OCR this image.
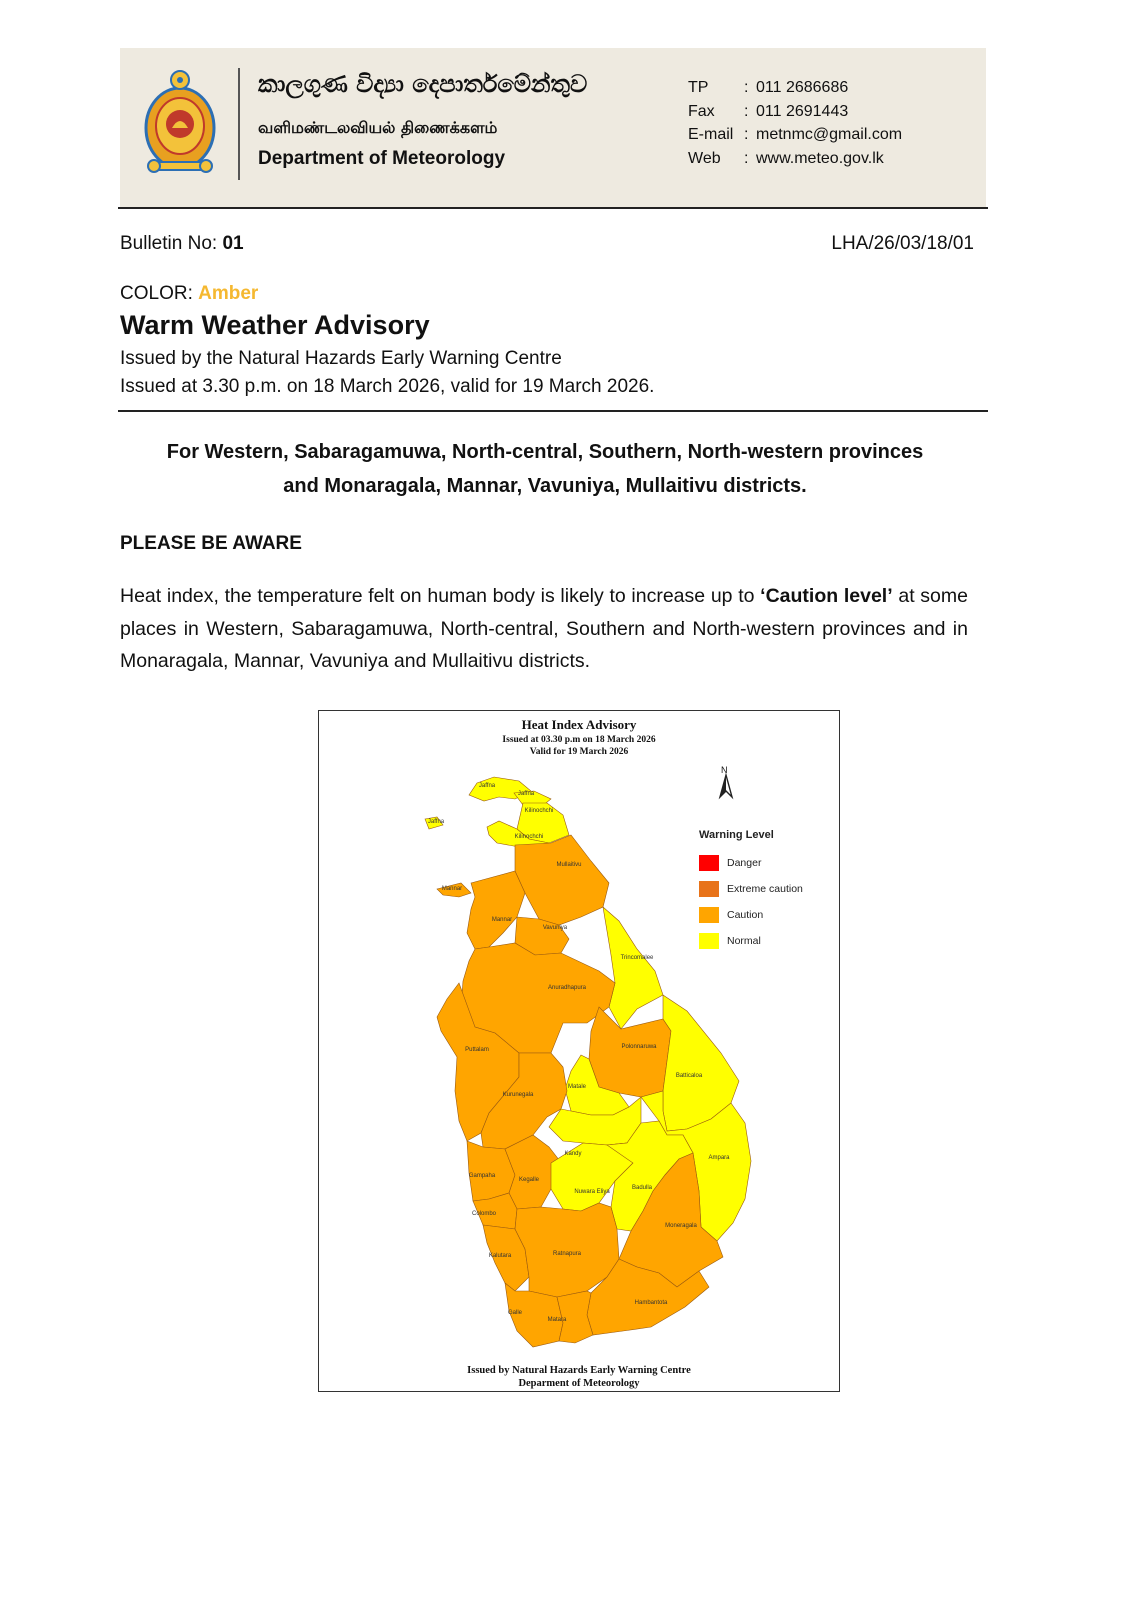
කාලගුණ විද්‍යා දෙපාර්තමේන්තුව
வளிமண்டலவியல் திணைக்களம்
Department of Meteorology
TP	: 011 2686686
Fax	: 011 2691443
E-mail : metnmc@gmail.com
Web	: www.meteo.gov.lk
Bulletin No: 01	LHA/26/03/18/01
COLOR: Amber
Warm Weather Advisory
Issued by the Natural Hazards Early Warning Centre
Issued at 3.30 p.m. on 18 March 2026, valid for 19 March 2026.
For Western, Sabaragamuwa, North-central, Southern, North-western provinces
and Monaragala, Mannar, Vavuniya, Mullaitivu districts.
PLEASE BE AWARE
Heat index, the temperature felt on human body is likely to increase up to ‘Caution level’ at some places in Western, Sabaragamuwa, North-central, Southern and North-western provinces and in Monaragala, Mannar, Vavuniya and Mullaitivu districts.
Heat Index Advisory
Issued at 03.30 p.m on 18 March 2026
Valid for 19 March 2026
Jaffna
Jaffna
Jaffna
Kilinochchi
Kilinochchi
Mullaitivu
Mannar
Mannar
Vavuniya
Trincomalee
Anuradhapura
Polonnaruwa
Puttalam
Batticaloa
Matale
Kurunegala
Kandy
Ampara
Gampaha
Kegalle
Nuwara Eliya
Badulla
Colombo
Moneragala
Kalutara	Ratnapura
Hambantota
Galle
Matara
N
Warning Level
Danger
Extreme caution
Caution
Normal
Issued by Natural Hazards Early Warning Centre
Deparment of Meteorology
